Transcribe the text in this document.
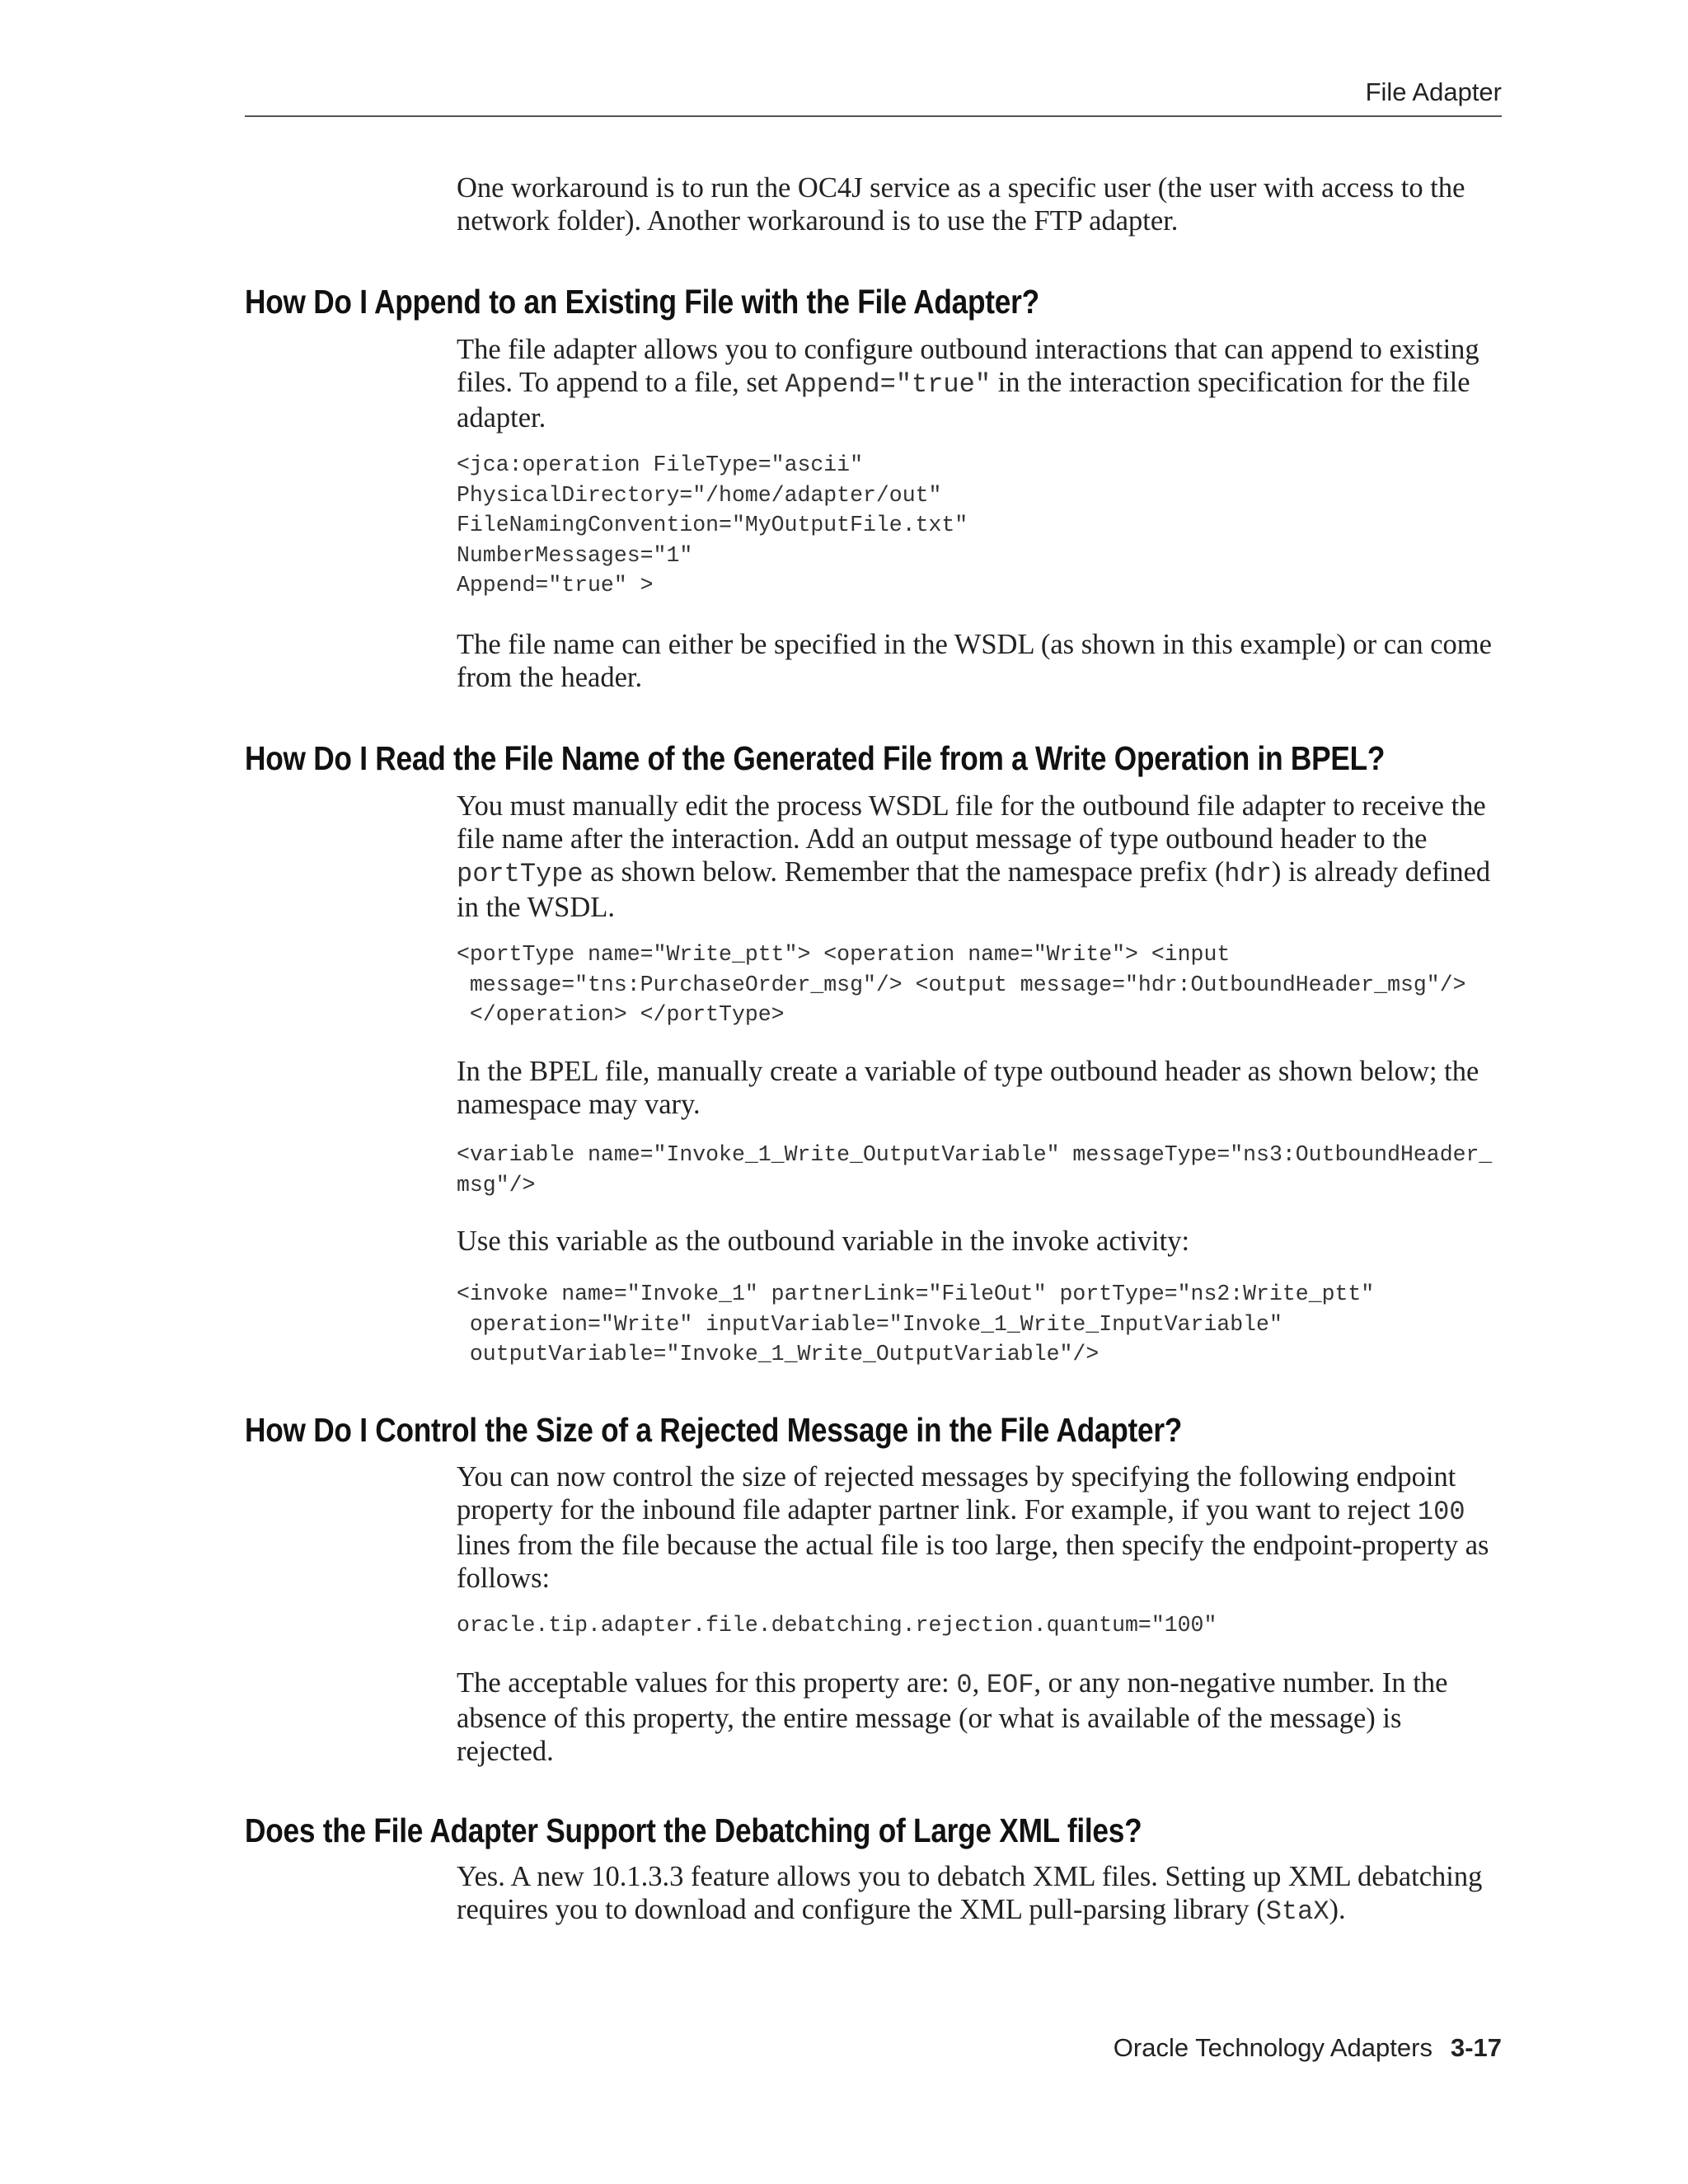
File Adapter

One workaround is to run the OC4J service as a specific user (the user with access to the network folder). Another workaround is to use the FTP adapter.

How Do I Append to an Existing File with the File Adapter?

The file adapter allows you to configure outbound interactions that can append to existing files. To append to a file, set Append="true" in the interaction specification for the file adapter.

<jca:operation FileType="ascii"
PhysicalDirectory="/home/adapter/out"
FileNamingConvention="MyOutputFile.txt"
NumberMessages="1"
Append="true" >

The file name can either be specified in the WSDL (as shown in this example) or can come from the header.

How Do I Read the File Name of the Generated File from a Write Operation in BPEL?

You must manually edit the process WSDL file for the outbound file adapter to receive the file name after the interaction. Add an output message of type outbound header to the portType as shown below. Remember that the namespace prefix (hdr) is already defined in the WSDL.

<portType name="Write_ptt"> <operation name="Write"> <input
message="tns:PurchaseOrder_msg"/> <output message="hdr:OutboundHeader_msg"/>
</operation> </portType>

In the BPEL file, manually create a variable of type outbound header as shown below; the namespace may vary.

<variable name="Invoke_1_Write_OutputVariable" messageType="ns3:OutboundHeader_
msg"/>

Use this variable as the outbound variable in the invoke activity:

<invoke name="Invoke_1" partnerLink="FileOut" portType="ns2:Write_ptt"
operation="Write" inputVariable="Invoke_1_Write_InputVariable"
outputVariable="Invoke_1_Write_OutputVariable"/>
How Do I Control the Size of a Rejected Message in the File Adapter?

You can now control the size of rejected messages by specifying the following endpoint property for the inbound file adapter partner link. For example, if you want to reject 100 lines from the file because the actual file is too large, then specify the endpoint-property as follows:

oracle.tip.adapter.file.debatching.rejection.quantum="100"

The acceptable values for this property are: 0, EOF, or any non-negative number. In the absence of this property, the entire message (or what is available of the message) is rejected.

Does the File Adapter Support the Debatching of Large XML files?

Yes. A new 10.1.3.3 feature allows you to debatch XML files. Setting up XML debatching requires you to download and configure the XML pull-parsing library (StaX).

Oracle Technology Adapters 3-17
